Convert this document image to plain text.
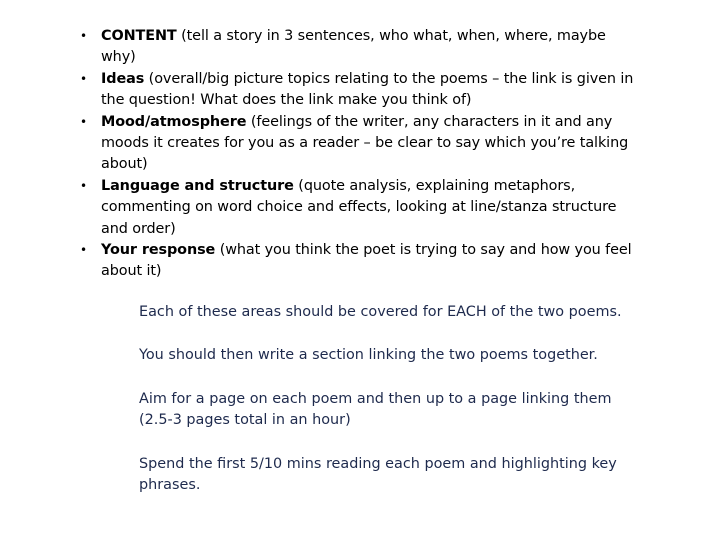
• CONTENT (tell a story in 3 sentences, who what, when, where, maybe why)
• Ideas (overall/big picture topics relating to the poems – the link is given in the question! What does the link make you think of)
• Mood/atmosphere (feelings of the writer, any characters in it and any moods it creates for you as a reader – be clear to say which you’re talking about)
• Language and structure (quote analysis, explaining metaphors, commenting on word choice and effects, looking at line/stanza structure and order)
• Your response (what you think the poet is trying to say and how you feel about it)

Each of these areas should be covered for EACH of the two poems.

You should then write a section linking the two poems together.

Aim for a page on each poem and then up to a page linking them (2.5-3 pages total in an hour)

Spend the first 5/10 mins reading each poem and highlighting key phrases.
